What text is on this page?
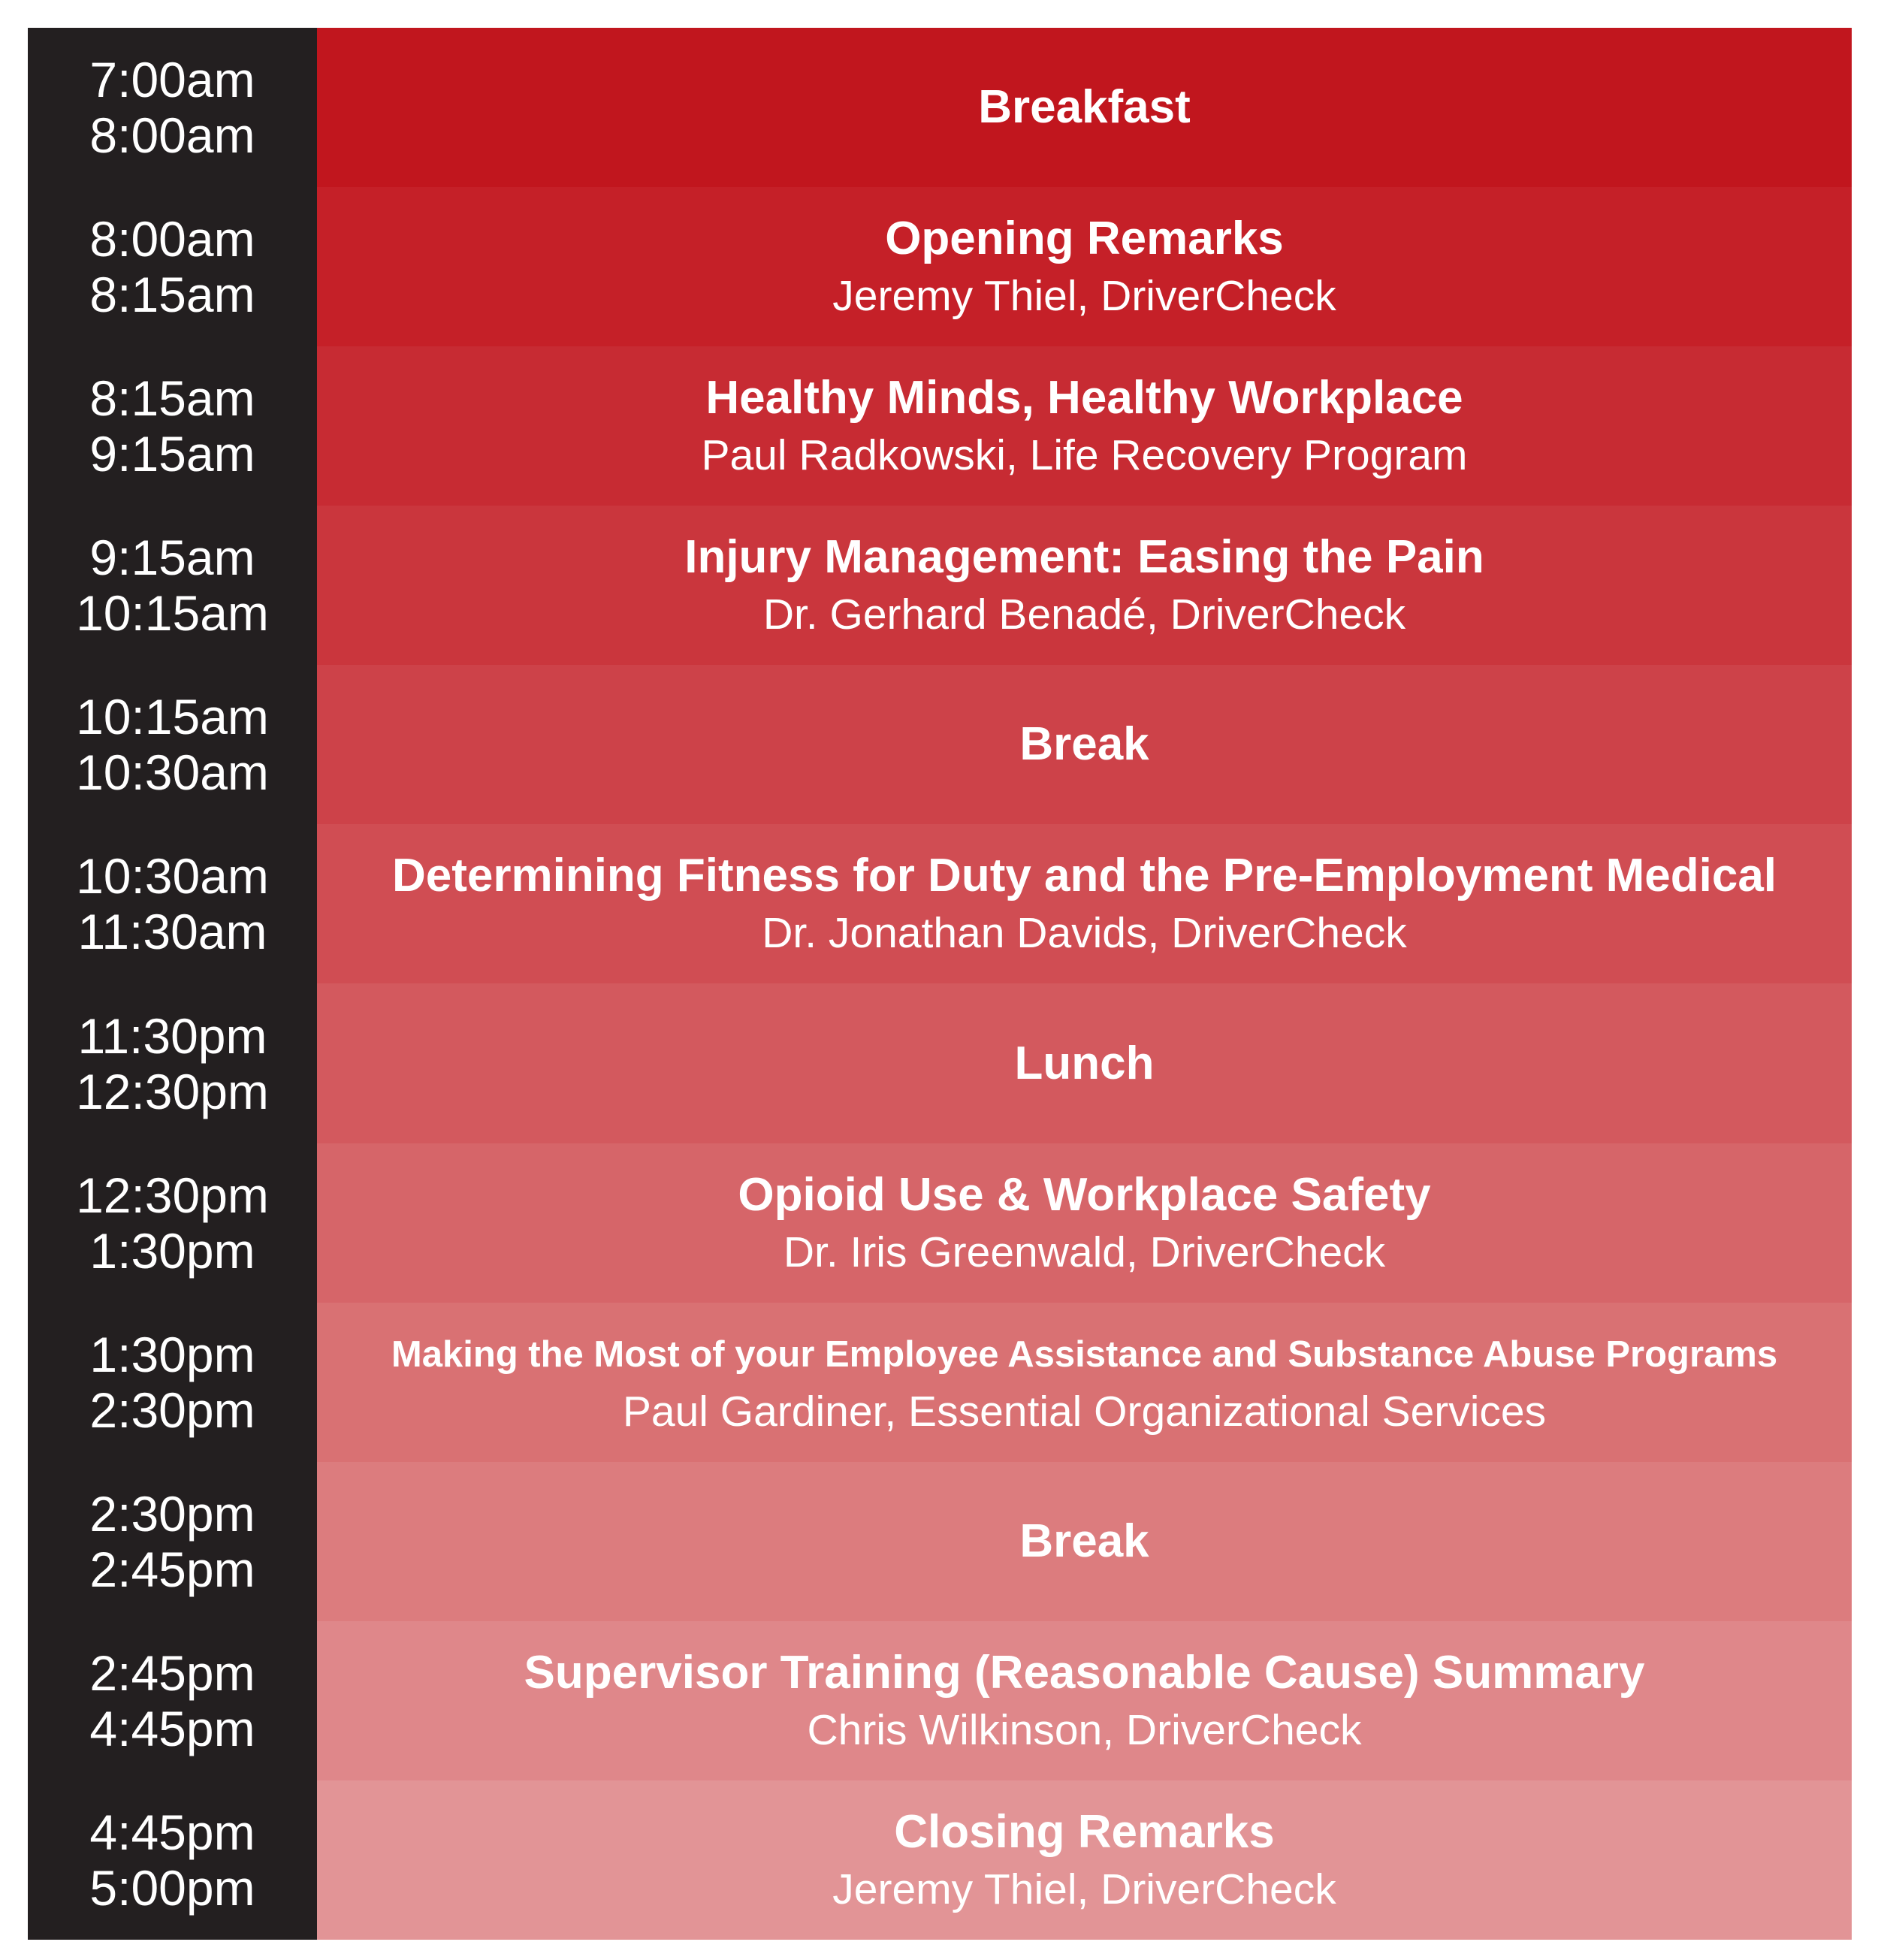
7:00am
8:00am
Breakfast
8:00am
8:15am
Opening Remarks
Jeremy Thiel, DriverCheck
8:15am
9:15am
Healthy Minds, Healthy Workplace
Paul Radkowski, Life Recovery Program
9:15am
10:15am
Injury Management: Easing the Pain
Dr. Gerhard Benadé, DriverCheck
10:15am
10:30am
Break
10:30am
11:30am
Determining Fitness for Duty and the Pre-Employment Medical
Dr. Jonathan Davids, DriverCheck
11:30pm
12:30pm
Lunch
12:30pm
1:30pm
Opioid Use & Workplace Safety
Dr. Iris Greenwald, DriverCheck
1:30pm
2:30pm
Making the Most of your Employee Assistance and Substance Abuse Programs
Paul Gardiner, Essential Organizational Services
2:30pm
2:45pm
Break
2:45pm
4:45pm
Supervisor Training (Reasonable Cause) Summary
Chris Wilkinson, DriverCheck
4:45pm
5:00pm
Closing Remarks
Jeremy Thiel, DriverCheck
